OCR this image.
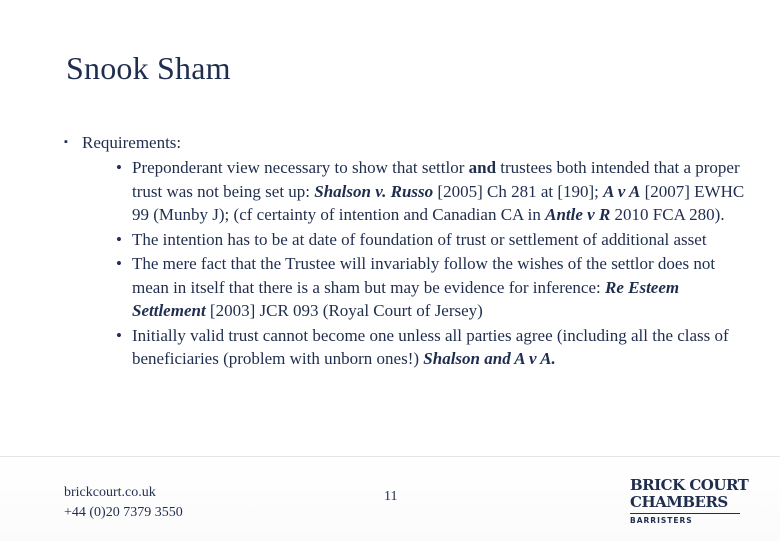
Snook Sham
▪ Requirements:
• Preponderant view necessary to show that settlor and trustees both intended that a proper trust was not being set up: Shalson v. Russo [2005] Ch 281 at [190]; A v A [2007] EWHC 99 (Munby J); (cf certainty of intention and Canadian CA in Antle v R 2010 FCA 280).
• The intention has to be at date of foundation of trust or settlement of additional asset
• The mere fact that the Trustee will invariably follow the wishes of the settlor does not mean in itself that there is a sham but may be evidence for inference: Re Esteem Settlement [2003] JCR 093 (Royal Court of Jersey)
• Initially valid trust cannot become one unless all parties agree (including all the class of beneficiaries (problem with unborn ones!) Shalson and A v A.
brickcourt.co.uk
+44 (0)20 7379 3550
11
BRICK COURT
CHAMBERS
BARRISTERS
